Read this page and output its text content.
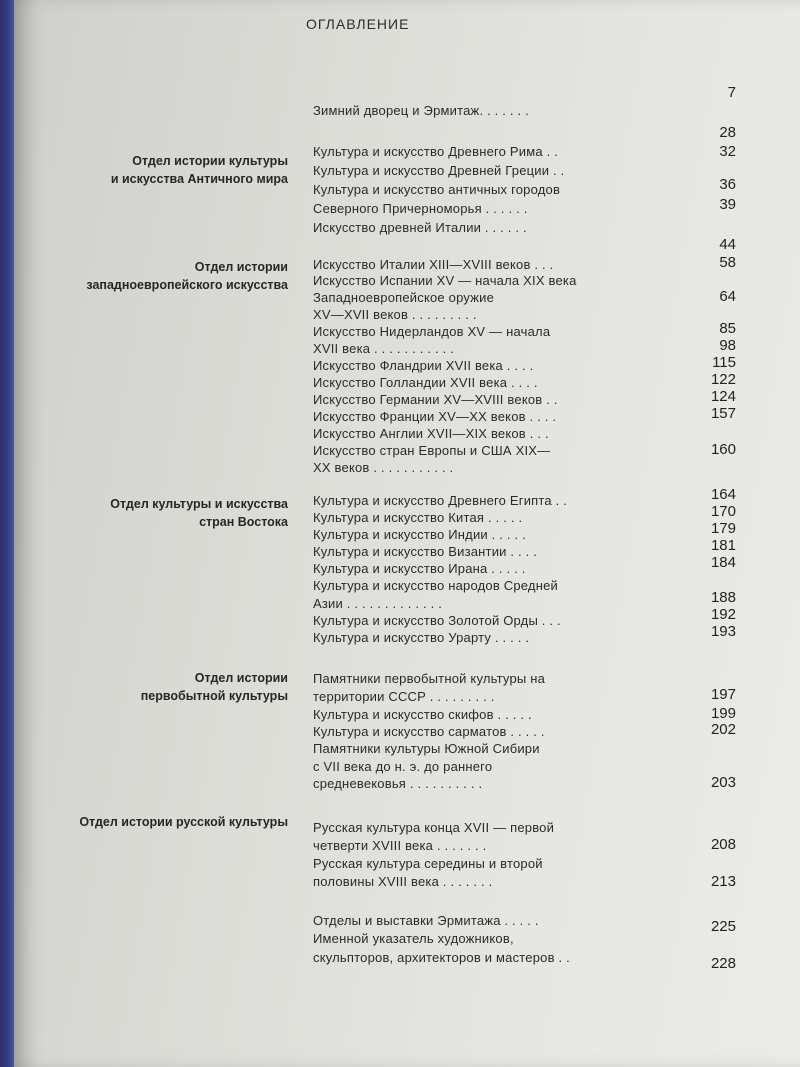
ОГЛАВЛЕНИЕ
Зимний дворец и Эрмитаж. . . . . . .
7
Отдел истории культуры
и искусства Античного мира
Культура и искусство Древнего Рима . .
Культура и искусство Древней Греции . .
Культура и искусство античных городов
Северного Причерноморья . . . . . .
Искусство древней Италии . . . . . .
28
32
36
39
Отдел истории
западноевропейского искусства
Искусство Италии XIII—XVIII веков . . .
Искусство Испании XV — начала XIX века
Западноевропейское оружие
XV—XVII веков . . . . . . . . .
Искусство Нидерландов XV — начала
XVII века . . . . . . . . . . .
Искусство Фландрии XVII века . . . .
Искусство Голландии XVII века . . . .
Искусство Германии XV—XVIII веков . .
Искусство Франции XV—XX веков . . . .
Искусство Англии XVII—XIX веков . . .
Искусство стран Европы и США XIX—
XX веков . . . . . . . . . . .
44
58
64
85
98
115
122
124
157
160
Отдел культуры и искусства
стран Востока
Культура и искусство Древнего Египта . .
Культура и искусство Китая . . . . .
Культура и искусство Индии . . . . .
Культура и искусство Византии . . . .
Культура и искусство Ирана . . . . .
Культура и искусство народов Средней
Азии . . . . . . . . . . . . .
Культура и искусство Золотой Орды . . .
Культура и искусство Урарту . . . . .
164
170
179
181
184
188
192
193
Отдел истории
первобытной культуры
Памятники первобытной культуры на
территории СССР . . . . . . . . .
Культура и искусство скифов . . . . .
Культура и искусство сарматов . . . . .
Памятники культуры Южной Сибири
с VII века до н. э. до раннего
средневековья . . . . . . . . . .
197
199
202
203
Отдел истории русской культуры Русская культура конца XVII — первой
четверти XVIII века . . . . . . .
Русская культура середины и второй
половины XVIII века . . . . . . .
208
213
Отделы и выставки Эрмитажа . . . . .
Именной указатель художников,
скульпторов, архитекторов и мастеров . .
225
228
